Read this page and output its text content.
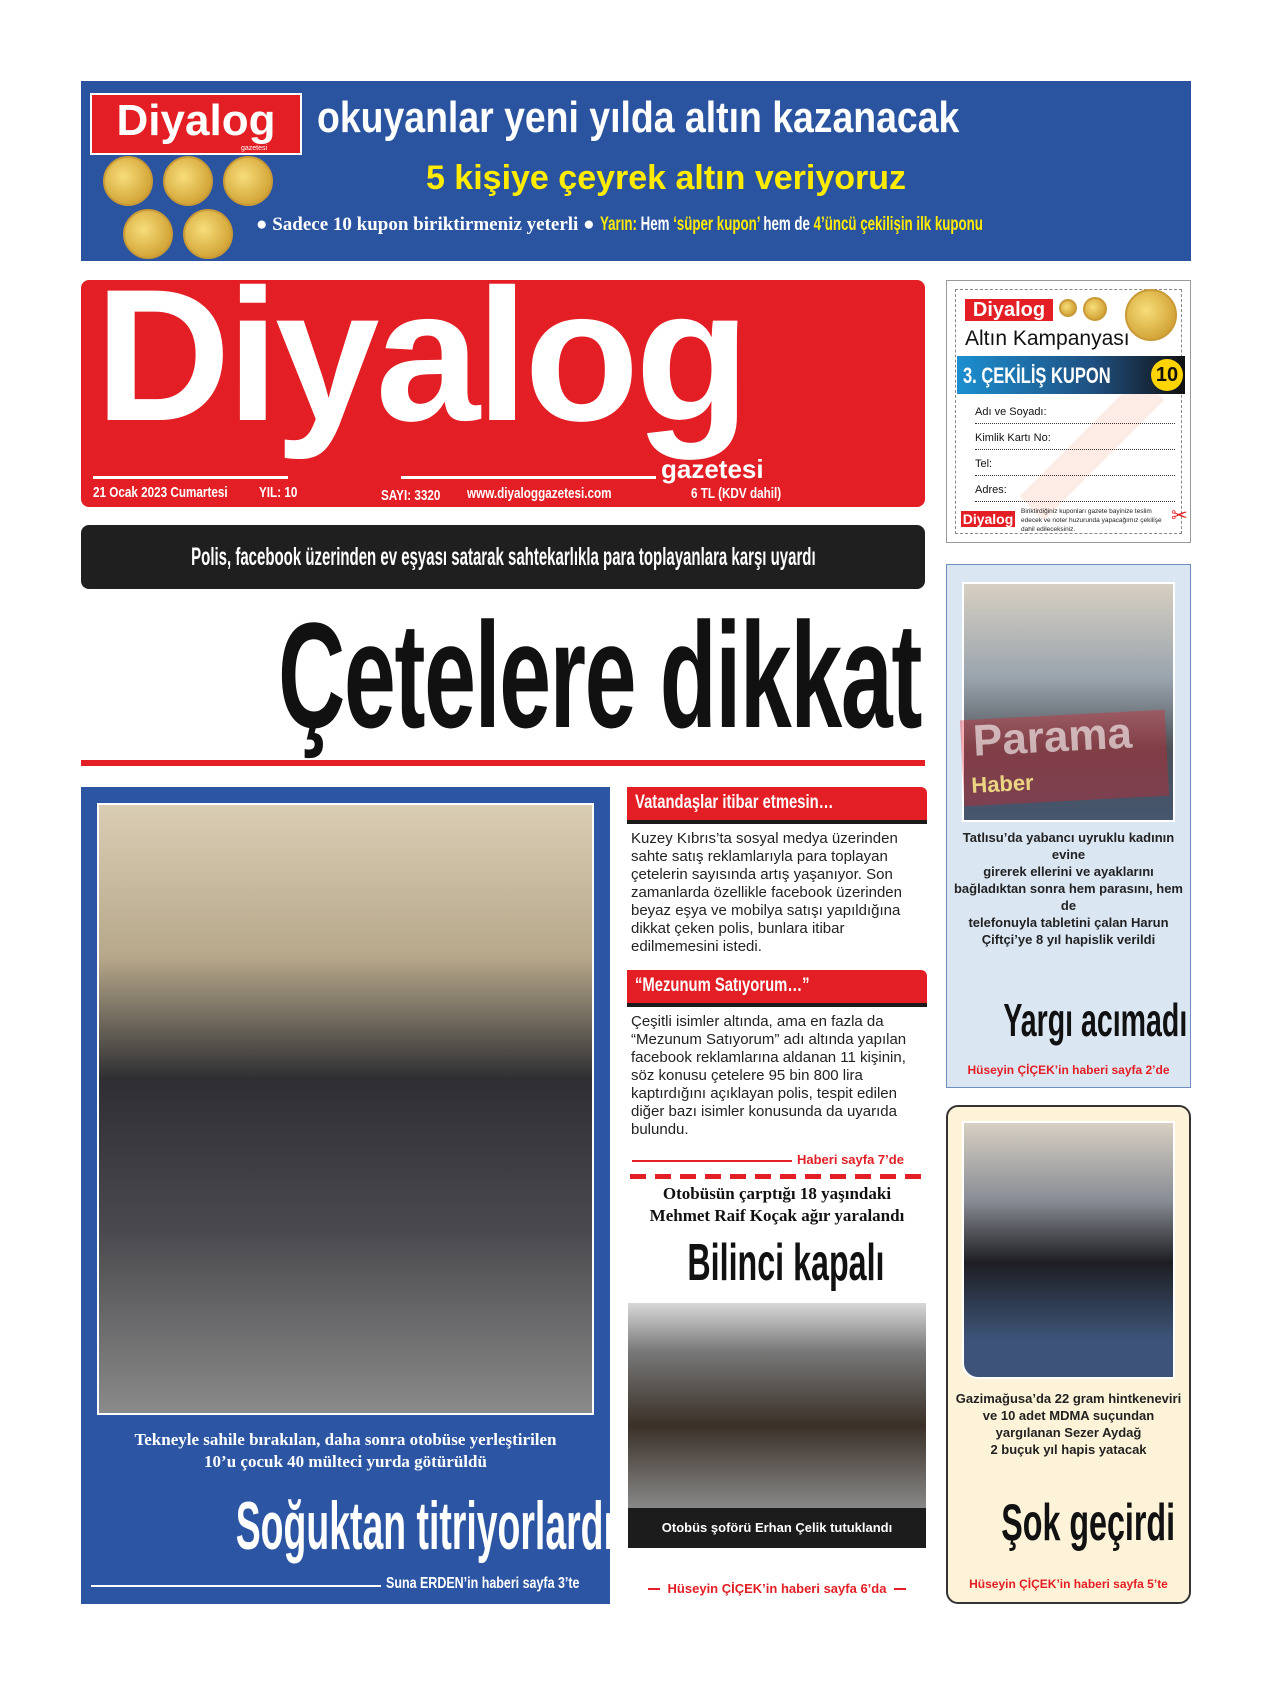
Diyalog
gazetesi
okuyanlar yeni yılda altın kazanacak
5 kişiye çeyrek altın veriyoruz
● Sadece 10 kupon biriktirmeniz yeterli ● Yarın: Hem ‘süper kupon’ hem de 4’üncü çekilişin ilk kuponu
Diyalog
gazetesi
21 Ocak 2023 Cumartesi YIL: 10	SAYI: 3320 www.diyaloggazetesi.com	6 TL (KDV dahil)
Diyalog
Altın Kampanyası
3. ÇEKİLİŞ KUPON 10
Adı ve Soyadı:
Kimlik Kartı No:
Tel:
Adres:
Diyalog	Biriktirdiğiniz kuponları gazete bayinize teslim edecek ve noter huzurunda yapacağımız çekilişe dahil edileceksiniz.
✂
Polis, facebook üzerinden ev eşyası satarak sahtekarlıkla para toplayanlara karşı uyardı
Çetelere dikkat
Tekneyle sahile bırakılan, daha sonra otobüse yerleştirilen
10’u çocuk 40 mülteci yurda götürüldü
Soğuktan titriyorlardı
Suna ERDEN’in haberi sayfa 3’te
Vatandaşlar itibar etmesin…
Kuzey Kıbrıs’ta sosyal medya üzerinden sahte satış reklamlarıyla para toplayan çetelerin sayısında artış yaşanıyor. Son zamanlarda özellikle facebook üzerinden beyaz eşya ve mobilya satışı yapıldığına dikkat çeken polis, bunlara itibar edilmemesini istedi.
“Mezunum Satıyorum…”
Çeşitli isimler altında, ama en fazla da “Mezunum Satıyorum” adı altında yapılan facebook reklamlarına aldanan 11 kişinin, söz konusu çetelere 95 bin 800 lira kaptırdığını açıklayan polis, tespit edilen diğer bazı isimler konusunda da uyarıda bulundu.
Haberi sayfa 7’de
Otobüsün çarptığı 18 yaşındaki
Mehmet Raif Koçak ağır yaralandı
Bilinci kapalı
Otobüs şoförü Erhan Çelik tutuklandı
Hüseyin ÇİÇEK’in haberi sayfa 6’da
Parama
Haber
Tatlısu’da yabancı uyruklu kadının evine
girerek ellerini ve ayaklarını
bağladıktan sonra hem parasını, hem de
telefonuyla tabletini çalan Harun
Çiftçi’ye 8 yıl hapislik verildi
Yargı acımadı
Hüseyin ÇİÇEK’in haberi sayfa 2’de
Gazimağusa’da 22 gram hintkeneviri
ve 10 adet MDMA suçundan
yargılanan Sezer Aydağ
2 buçuk yıl hapis yatacak
Şok geçirdi
Hüseyin ÇİÇEK’in haberi sayfa 5’te
